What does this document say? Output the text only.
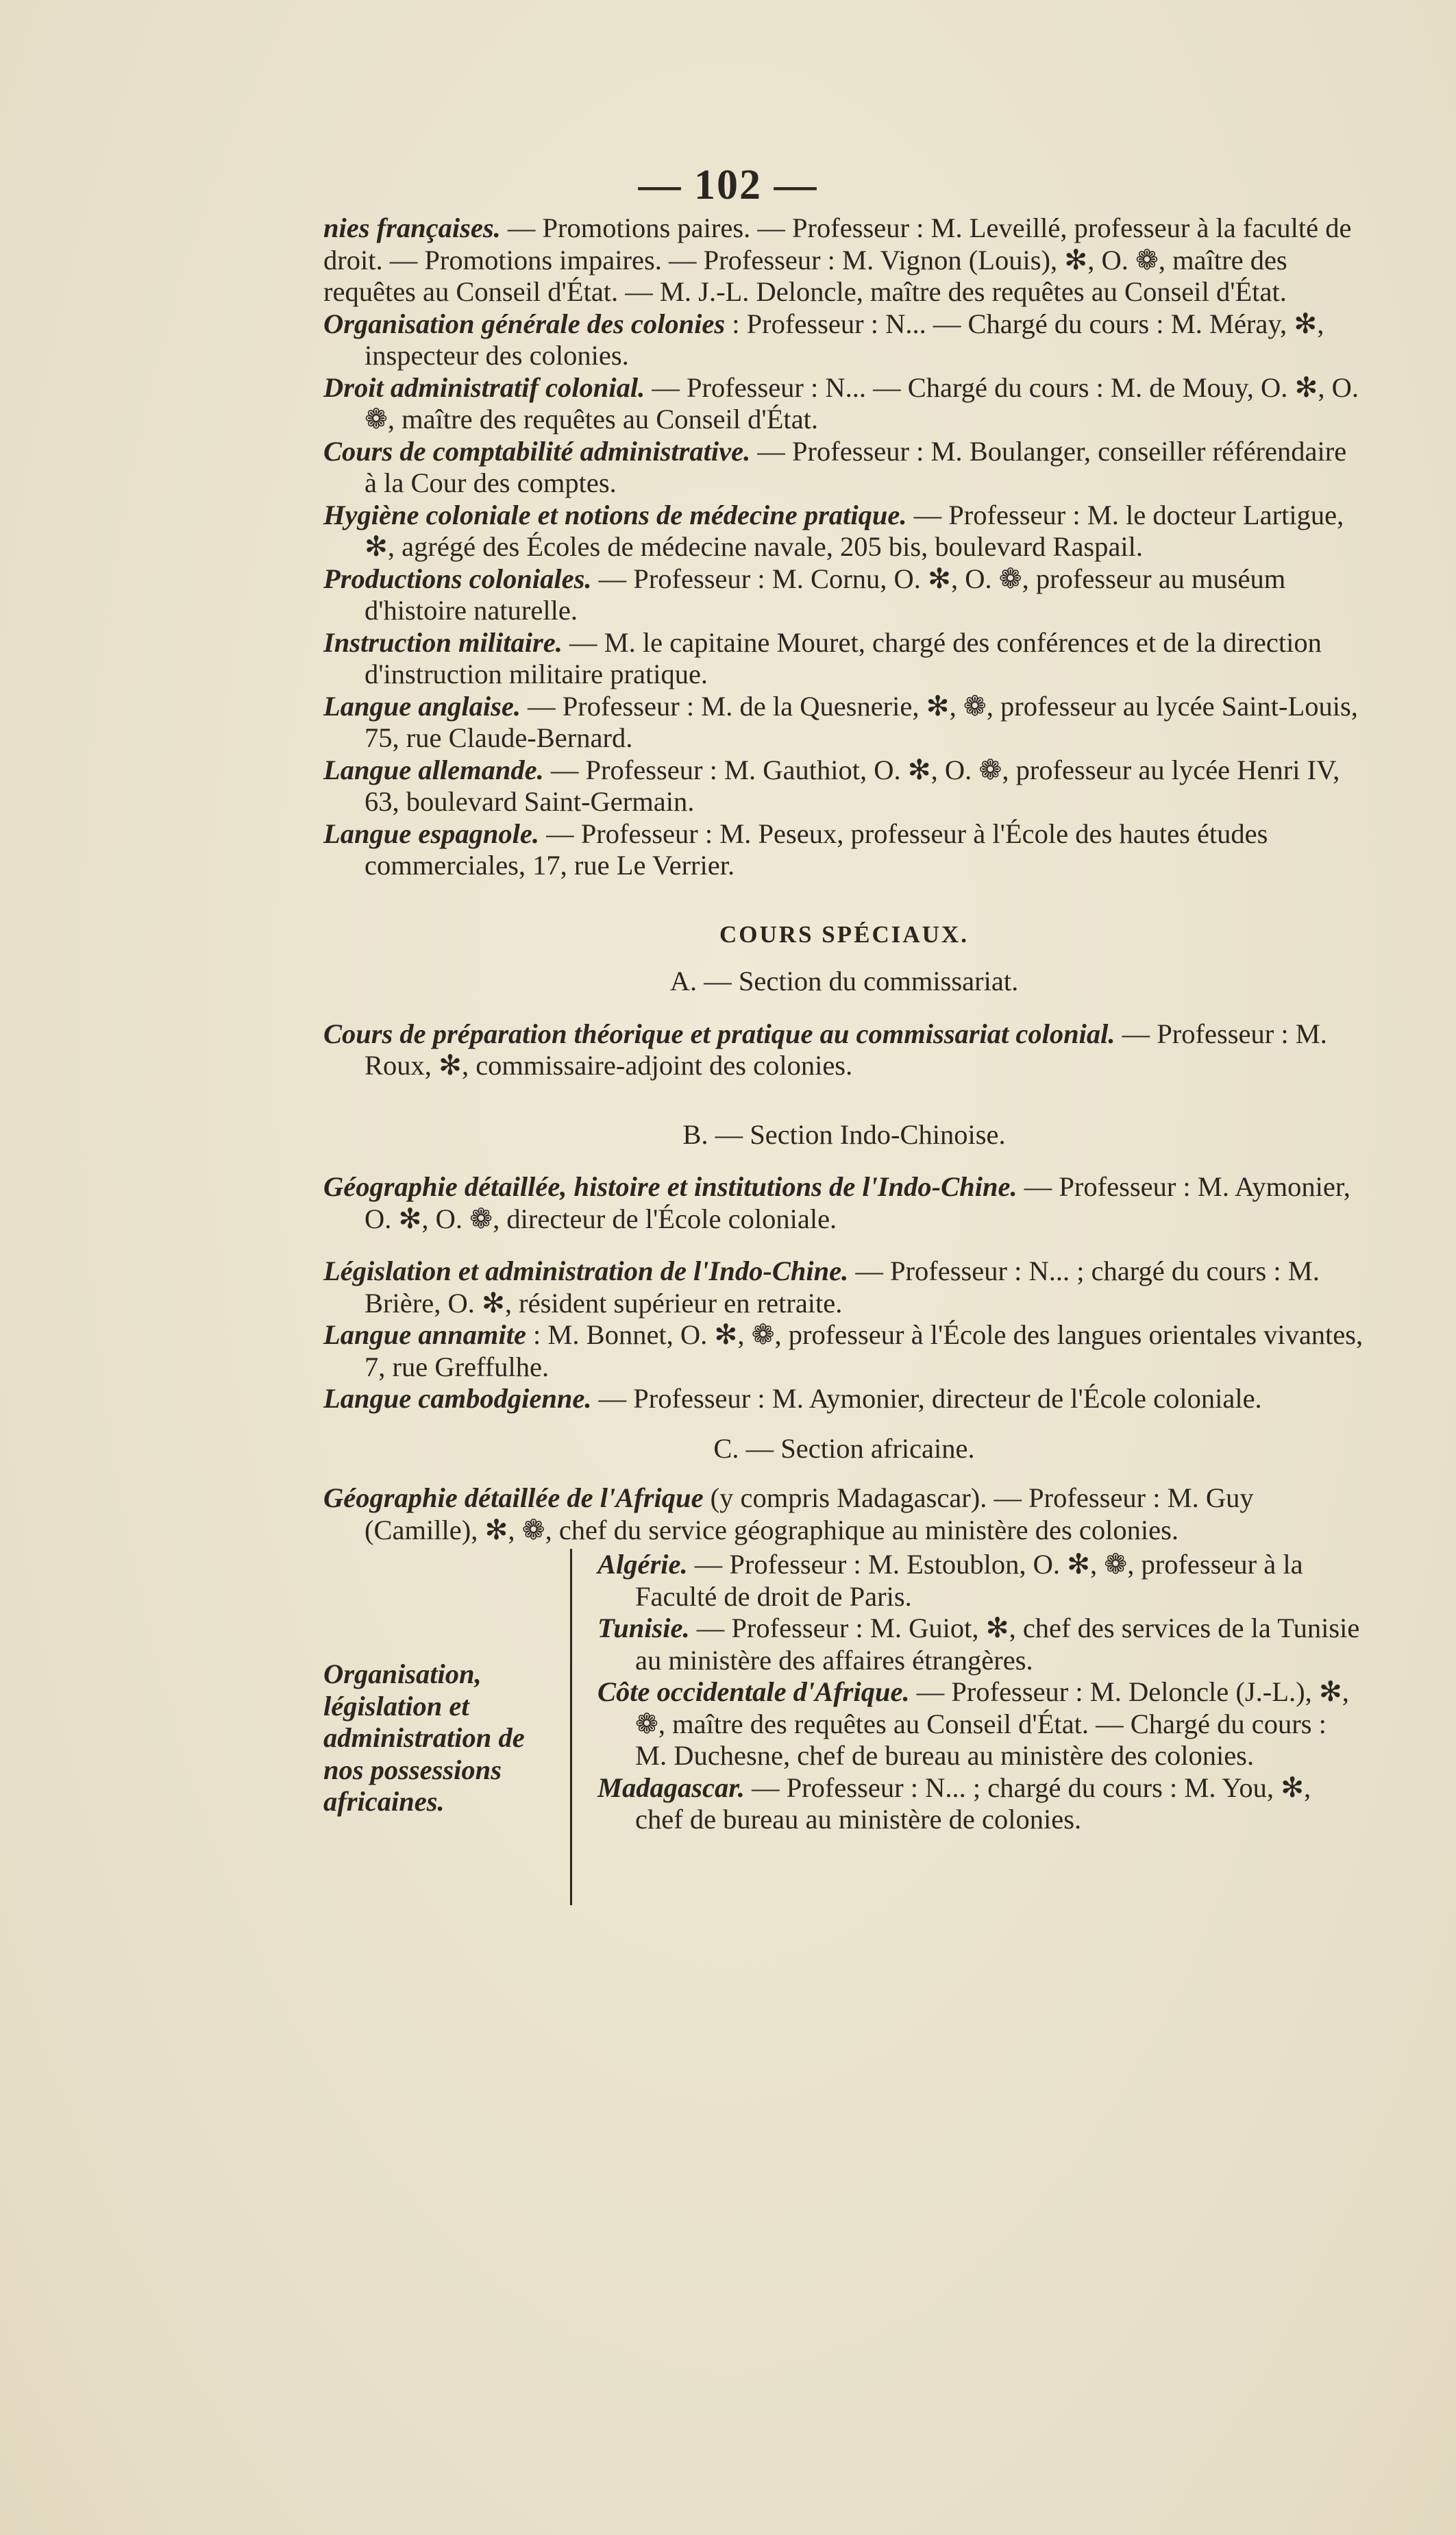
— 102 —

nies françaises. — Promotions paires. — Professeur : M. Leveillé, professeur à la faculté de droit. — Promotions impaires. — Professeur : M. Vignon (Louis), ✻, O. ❁, maître des requêtes au Conseil d'État. — M. J.-L. Deloncle, maître des requêtes au Conseil d'État.

Organisation générale des colonies : Professeur : N... — Chargé du cours : M. Méray, ✻, inspecteur des colonies.

Droit administratif colonial. — Professeur : N... — Chargé du cours : M. de Mouy, O. ✻, O. ❁, maître des requêtes au Conseil d'État.

Cours de comptabilité administrative. — Professeur : M. Boulanger, conseiller référendaire à la Cour des comptes.

Hygiène coloniale et notions de médecine pratique. — Professeur : M. le docteur Lartigue, ✻, agrégé des Écoles de médecine navale, 205 bis, boulevard Raspail.

Productions coloniales. — Professeur : M. Cornu, O. ✻, O. ❁, professeur au muséum d'histoire naturelle.

Instruction militaire. — M. le capitaine Mouret, chargé des conférences et de la direction d'instruction militaire pratique.

Langue anglaise. — Professeur : M. de la Quesnerie, ✻, ❁, professeur au lycée Saint-Louis, 75, rue Claude-Bernard.

Langue allemande. — Professeur : M. Gauthiot, O. ✻, O. ❁, professeur au lycée Henri IV, 63, boulevard Saint-Germain.

Langue espagnole. — Professeur : M. Peseux, professeur à l'École des hautes études commerciales, 17, rue Le Verrier.

COURS SPÉCIAUX.

A. — Section du commissariat.

Cours de préparation théorique et pratique au commissariat colonial. — Professeur : M. Roux, ✻, commissaire-adjoint des colonies.

B. — Section Indo-Chinoise.

Géographie détaillée, histoire et institutions de l'Indo-Chine. — Professeur : M. Aymonier, O. ✻, O. ❁, directeur de l'École coloniale.

Législation et administration de l'Indo-Chine. — Professeur : N... ; chargé du cours : M. Brière, O. ✻, résident supérieur en retraite.

Langue annamite : M. Bonnet, O. ✻, ❁, professeur à l'École des langues orientales vivantes, 7, rue Greffulhe.

Langue cambodgienne. — Professeur : M. Aymonier, directeur de l'École coloniale.

C. — Section africaine.

Géographie détaillée de l'Afrique (y compris Madagascar). — Professeur : M. Guy (Camille), ✻, ❁, chef du service géographique au ministère des colonies.

Organisation, législation et administration de nos possessions africaines.

Algérie. — Professeur : M. Estoublon, O. ✻, ❁, professeur à la Faculté de droit de Paris.

Tunisie. — Professeur : M. Guiot, ✻, chef des services de la Tunisie au ministère des affaires étrangères.

Côte occidentale d'Afrique. — Professeur : M. Deloncle (J.-L.), ✻, ❁, maître des requêtes au Conseil d'État. — Chargé du cours : M. Duchesne, chef de bureau au ministère des colonies.

Madagascar. — Professeur : N... ; chargé du cours : M. You, ✻, chef de bureau au ministère de colonies.
